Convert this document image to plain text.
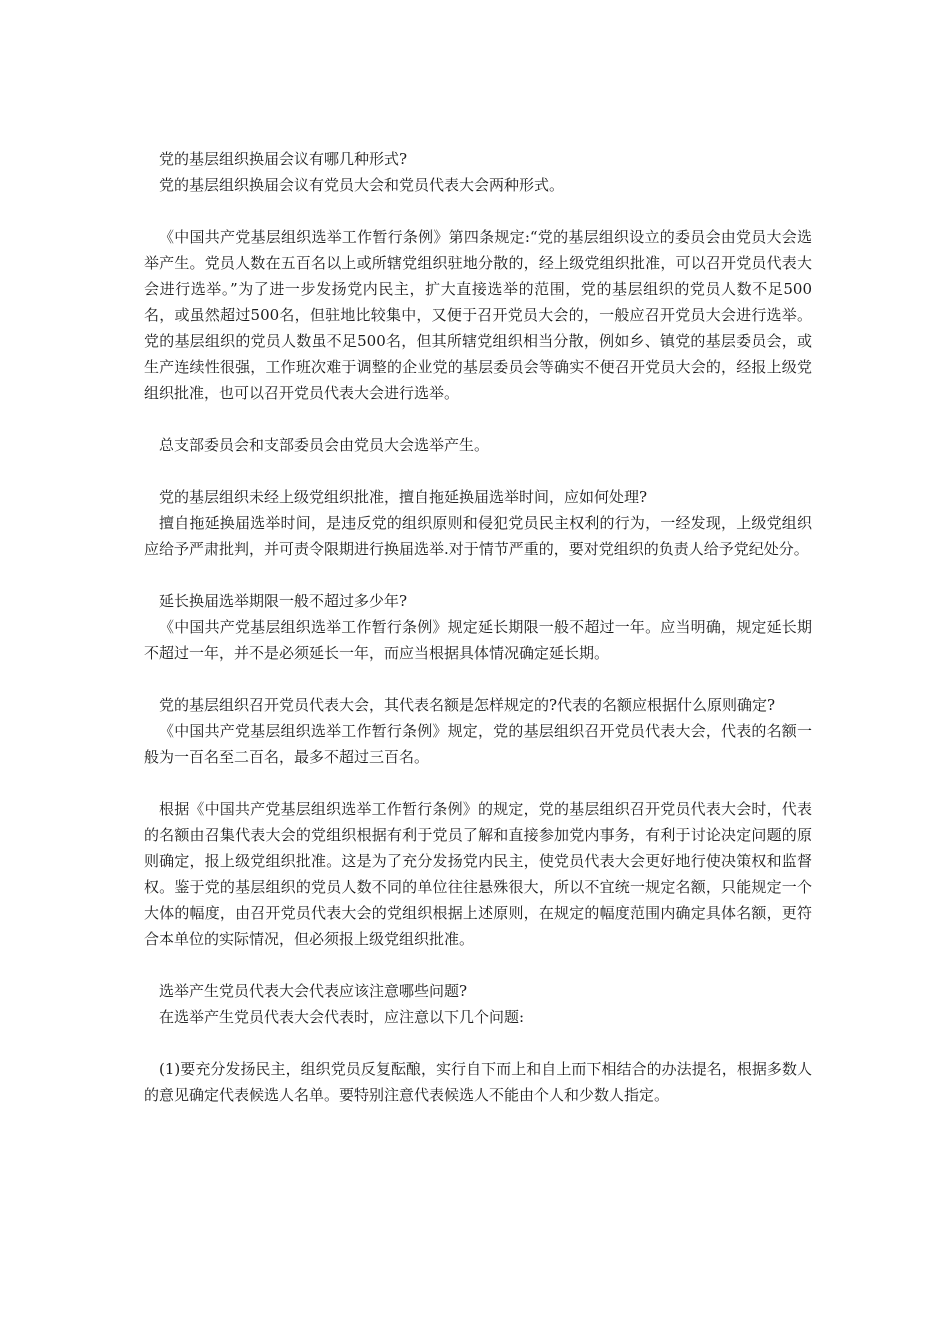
党的基层组织换届会议有哪几种形式?

党的基层组织换届会议有党员大会和党员代表大会两种形式。

《中国共产党基层组织选举工作暂行条例》第四条规定:“党的基层组织设立的委员会由党员大会选举产生。党员人数在五百名以上或所辖党组织驻地分散的，经上级党组织批准，可以召开党员代表大会进行选举。”为了进一步发扬党内民主，扩大直接选举的范围，党的基层组织的党员人数不足500名，或虽然超过500名，但驻地比较集中，又便于召开党员大会的，一般应召开党员大会进行选举。党的基层组织的党员人数虽不足500名，但其所辖党组织相当分散，例如乡、镇党的基层委员会，或生产连续性很强，工作班次难于调整的企业党的基层委员会等确实不便召开党员大会的，经报上级党组织批准，也可以召开党员代表大会进行选举。

总支部委员会和支部委员会由党员大会选举产生。

党的基层组织未经上级党组织批准，擅自拖延换届选举时间，应如何处理?

擅自拖延换届选举时间，是违反党的组织原则和侵犯党员民主权利的行为，一经发现，上级党组织应给予严肃批判，并可责令限期进行换届选举.对于情节严重的，要对党组织的负责人给予党纪处分。

延长换届选举期限一般不超过多少年?

《中国共产党基层组织选举工作暂行条例》规定延长期限一般不超过一年。应当明确，规定延长期不超过一年，并不是必须延长一年，而应当根据具体情况确定延长期。

党的基层组织召开党员代表大会，其代表名额是怎样规定的?代表的名额应根据什么原则确定?

《中国共产党基层组织选举工作暂行条例》规定，党的基层组织召开党员代表大会，代表的名额一般为一百名至二百名，最多不超过三百名。

根据《中国共产党基层组织选举工作暂行条例》的规定，党的基层组织召开党员代表大会时，代表的名额由召集代表大会的党组织根据有利于党员了解和直接参加党内事务，有利于讨论决定问题的原则确定，报上级党组织批准。这是为了充分发扬党内民主，使党员代表大会更好地行使决策权和监督权。鉴于党的基层组织的党员人数不同的单位往往悬殊很大，所以不宜统一规定名额，只能规定一个大体的幅度，由召开党员代表大会的党组织根据上述原则，在规定的幅度范围内确定具体名额，更符合本单位的实际情况，但必须报上级党组织批准。

选举产生党员代表大会代表应该注意哪些问题?

在选举产生党员代表大会代表时，应注意以下几个问题:

(1)要充分发扬民主，组织党员反复酝酿，实行自下而上和自上而下相结合的办法提名，根据多数人的意见确定代表候选人名单。要特别注意代表候选人不能由个人和少数人指定。
